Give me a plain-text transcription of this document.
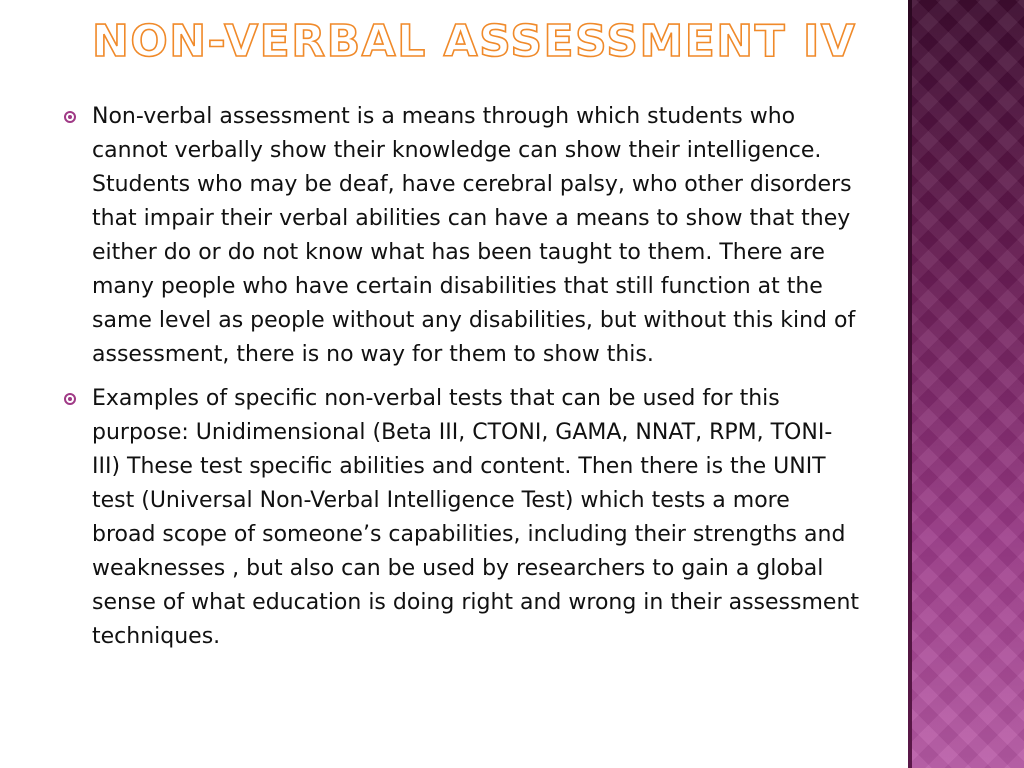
NON-VERBAL ASSESSMENT IV
Non-verbal assessment is a means through which students who cannot verbally show their knowledge can show their intelligence. Students who may be deaf, have cerebral palsy, who other disorders that impair their verbal abilities can have a means to show that they either do or do not know what has been taught to them. There are many people who have certain disabilities that still function at the same level as people without any disabilities, but without this kind of assessment, there is no way for them to show this.
Examples of specific non-verbal tests that can be used for this purpose: Unidimensional (Beta III, CTONI, GAMA, NNAT, RPM, TONI-III) These test specific abilities and content. Then there is the UNIT test (Universal Non-Verbal Intelligence Test) which tests a more broad scope of someone’s capabilities, including their strengths and weaknesses , but also can be used by researchers to gain a global sense of what education is doing right and wrong in their assessment techniques.
